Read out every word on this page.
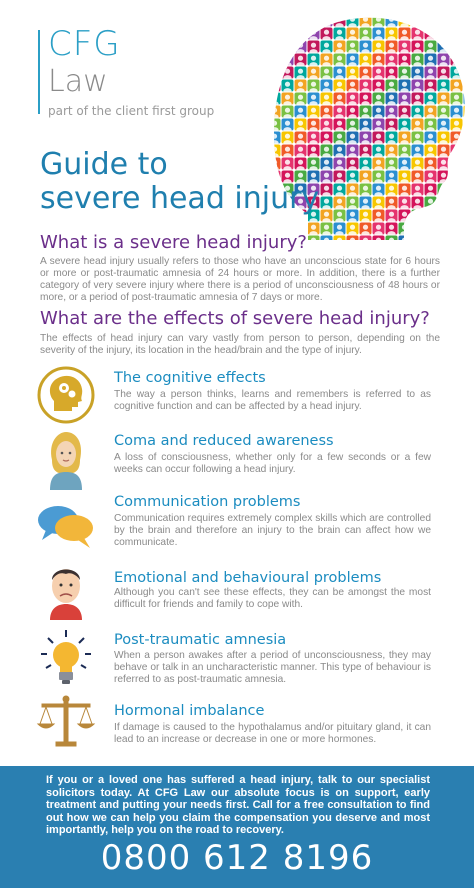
CFG
Law
part of the client first group
Guide to
severe head injury
What is a severe head injury?
A severe head injury usually refers to those who have an unconscious state for 6 hours or more or post-traumatic amnesia of 24 hours or more. In addition, there is a further category of very severe injury where there is a period of unconsciousness of 48 hours or more, or a period of post-traumatic amnesia of 7 days or more.
What are the effects of severe head injury?
The effects of head injury can vary vastly from person to person, depending on the severity of the injury, its location in the head/brain and the type of injury.
The cognitive effects
The way a person thinks, learns and remembers is referred to as cognitive function and can be affected by a head injury.
Coma and reduced awareness
A loss of consciousness, whether only for a few seconds or a few weeks can occur following a head injury.
Communication problems
Communication requires extremely complex skills which are controlled by the brain and therefore an injury to the brain can affect how we communicate.
Emotional and behavioural problems
Although you can't see these effects, they can be amongst the most difficult for friends and family to cope with.
Post-traumatic amnesia
When a person awakes after a period of unconsciousness, they may behave or talk in an uncharacteristic manner. This type of behaviour is referred to as post-traumatic amnesia.
Hormonal imbalance
If damage is caused to the hypothalamus and/or pituitary gland, it can lead to an increase or decrease in one or more hormones.
If you or a loved one has suffered a head injury, talk to our specialist solicitors today. At CFG Law our absolute focus is on support, early treatment and putting your needs first. Call for a free consultation to find out how we can help you claim the compensation you deserve and most importantly, help you on the road to recovery.
0800 612 8196
